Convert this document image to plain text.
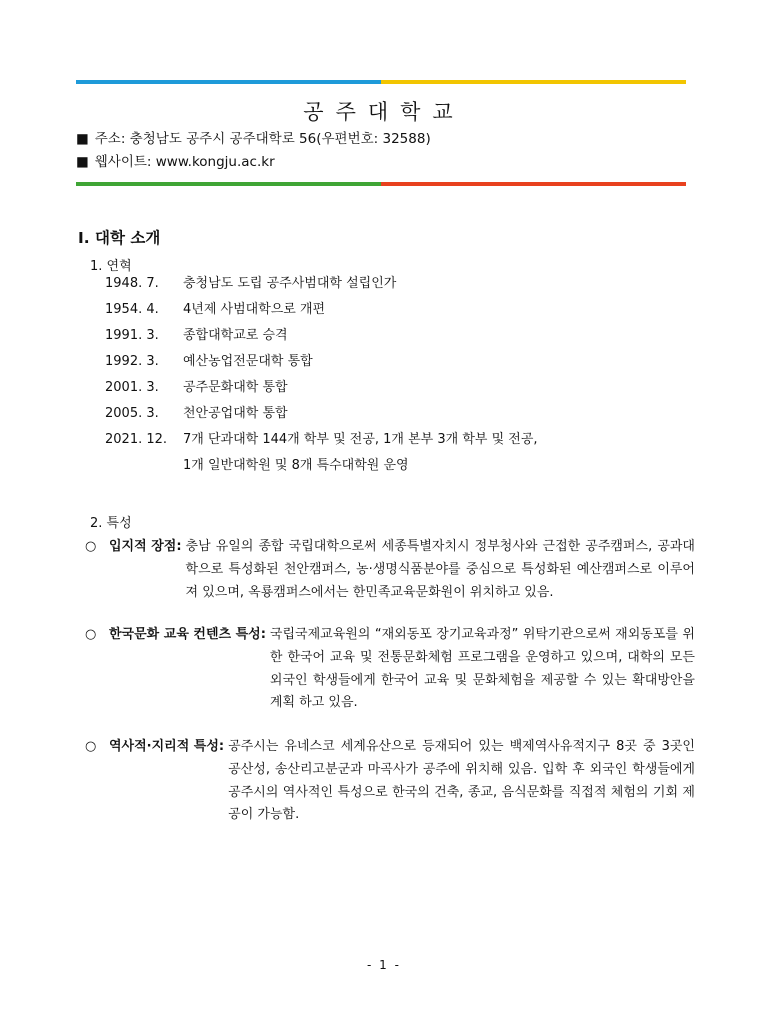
공주대학교
■ 주소: 충청남도 공주시 공주대학로 56(우편번호: 32588)
■ 웹사이트: www.kongju.ac.kr
Ⅰ. 대학 소개
1. 연혁
1948. 7.	충청남도 도립 공주사범대학 설립인가
1954. 4.	4년제 사범대학으로 개편
1991. 3.	종합대학교로 승격
1992. 3.	예산농업전문대학 통합
2001. 3.	공주문화대학 통합
2005. 3.	천안공업대학 통합
2021. 12.	7개 단과대학 144개 학부 및 전공, 1개 본부 3개 학부 및 전공,
1개 일반대학원 및 8개 특수대학원 운영
2. 특성
○ 입지적 장점: 충남 유일의 종합 국립대학으로써 세종특별자치시 정부청사와 근접한 공주캠퍼스, 공과대학으로 특성화된 천안캠퍼스, 농·생명식품분야를 중심으로 특성화된 예산캠퍼스로 이루어져 있으며, 옥룡캠퍼스에서는 한민족교육문화원이 위치하고 있음.
○ 한국문화 교육 컨텐츠 특성: 국립국제교육원의 “재외동포 장기교육과정” 위탁기관으로써 재외동포를 위한 한국어 교육 및 전통문화체험 프로그램을 운영하고 있으며, 대학의 모든 외국인 학생들에게 한국어 교육 및 문화체험을 제공할 수 있는 확대방안을 계획 하고 있음.
○ 역사적·지리적 특성: 공주시는 유네스코 세계유산으로 등재되어 있는 백제역사유적지구 8곳 중 3곳인 공산성, 송산리고분군과 마곡사가 공주에 위치해 있음. 입학 후 외국인 학생들에게 공주시의 역사적인 특성으로 한국의 건축, 종교, 음식문화를 직접적 체험의 기회 제공이 가능함.
- 1 -
